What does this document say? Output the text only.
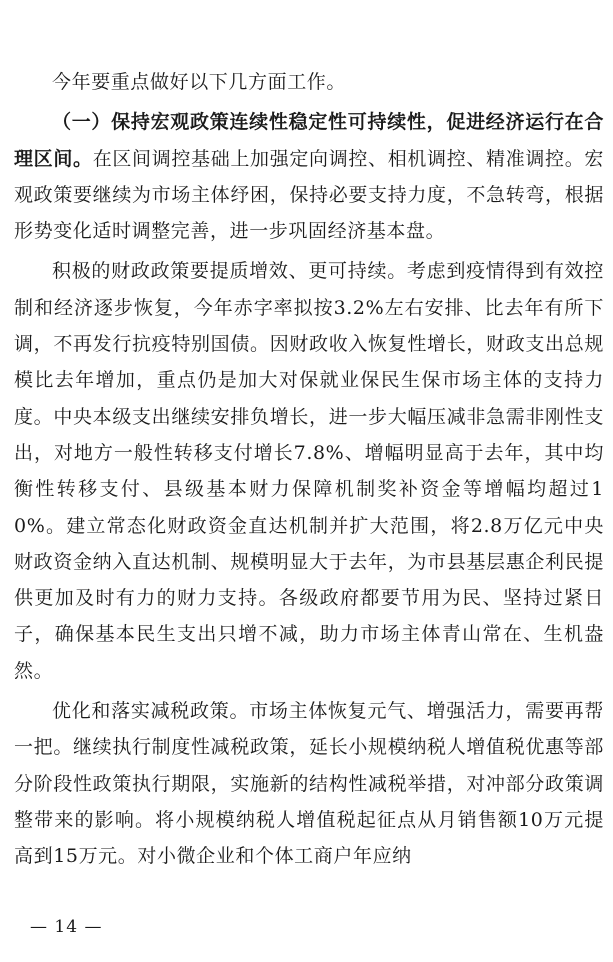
今年要重点做好以下几方面工作。

（一）保持宏观政策连续性稳定性可持续性，促进经济运行在合理区间。在区间调控基础上加强定向调控、相机调控、精准调控。宏观政策要继续为市场主体纾困，保持必要支持力度，不急转弯，根据形势变化适时调整完善，进一步巩固经济基本盘。

积极的财政政策要提质增效、更可持续。考虑到疫情得到有效控制和经济逐步恢复，今年赤字率拟按3.2%左右安排、比去年有所下调，不再发行抗疫特别国债。因财政收入恢复性增长，财政支出总规模比去年增加，重点仍是加大对保就业保民生保市场主体的支持力度。中央本级支出继续安排负增长，进一步大幅压减非急需非刚性支出，对地方一般性转移支付增长7.8%、增幅明显高于去年，其中均衡性转移支付、县级基本财力保障机制奖补资金等增幅均超过10%。建立常态化财政资金直达机制并扩大范围，将2.8万亿元中央财政资金纳入直达机制、规模明显大于去年，为市县基层惠企利民提供更加及时有力的财力支持。各级政府都要节用为民、坚持过紧日子，确保基本民生支出只增不减，助力市场主体青山常在、生机盎然。

优化和落实减税政策。市场主体恢复元气、增强活力，需要再帮一把。继续执行制度性减税政策，延长小规模纳税人增值税优惠等部分阶段性政策执行期限，实施新的结构性减税举措，对冲部分政策调整带来的影响。将小规模纳税人增值税起征点从月销售额10万元提高到15万元。对小微企业和个体工商户年应纳

— 14 —
